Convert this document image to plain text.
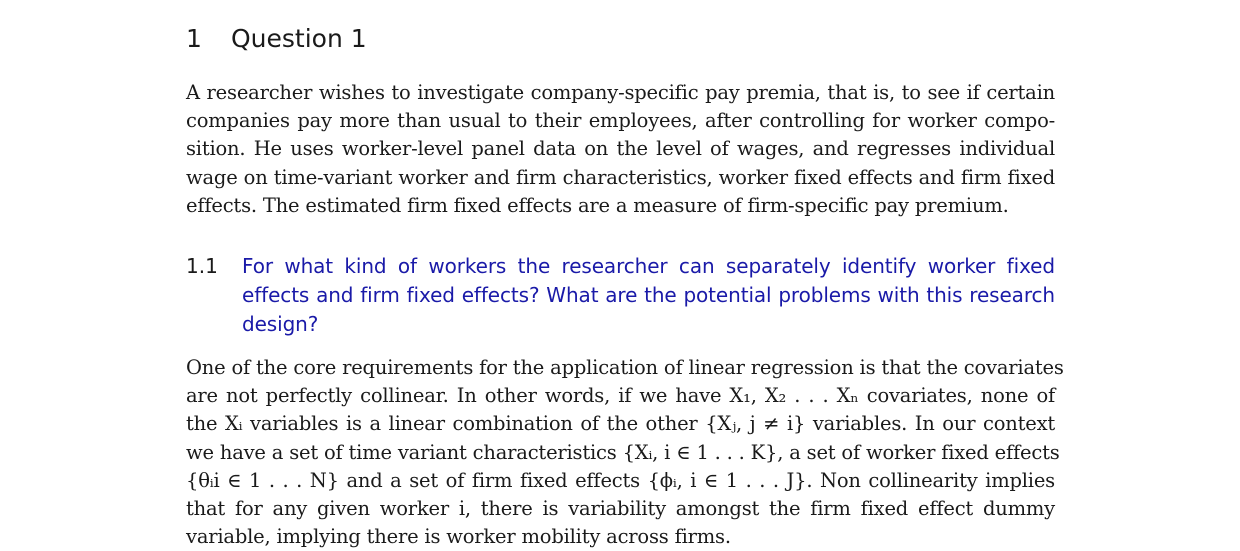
1 Question 1
A researcher wishes to investigate company-specific pay premia, that is, to see if certain
companies pay more than usual to their employees, after controlling for worker compo-
sition. He uses worker-level panel data on the level of wages, and regresses individual
wage on time-variant worker and firm characteristics, worker fixed effects and firm fixed
effects. The estimated firm fixed effects are a measure of firm-specific pay premium.
1.1 For what kind of workers the researcher can separately identify worker fixed effects and firm fixed effects? What are the potential problems with this research design?
One of the core requirements for the application of linear regression is that the covariates
are not perfectly collinear. In other words, if we have X₁, X₂ . . . Xₙ covariates, none of
the Xᵢ variables is a linear combination of the other {Xⱼ, j ≠ i} variables. In our context
we have a set of time variant characteristics {Xᵢ, i ∈ 1 . . . K}, a set of worker fixed effects
{θᵢi ∈ 1 . . . N} and a set of firm fixed effects {ϕᵢ, i ∈ 1 . . . J}. Non collinearity implies
that for any given worker i, there is variability amongst the firm fixed effect dummy
variable, implying there is worker mobility across firms.
